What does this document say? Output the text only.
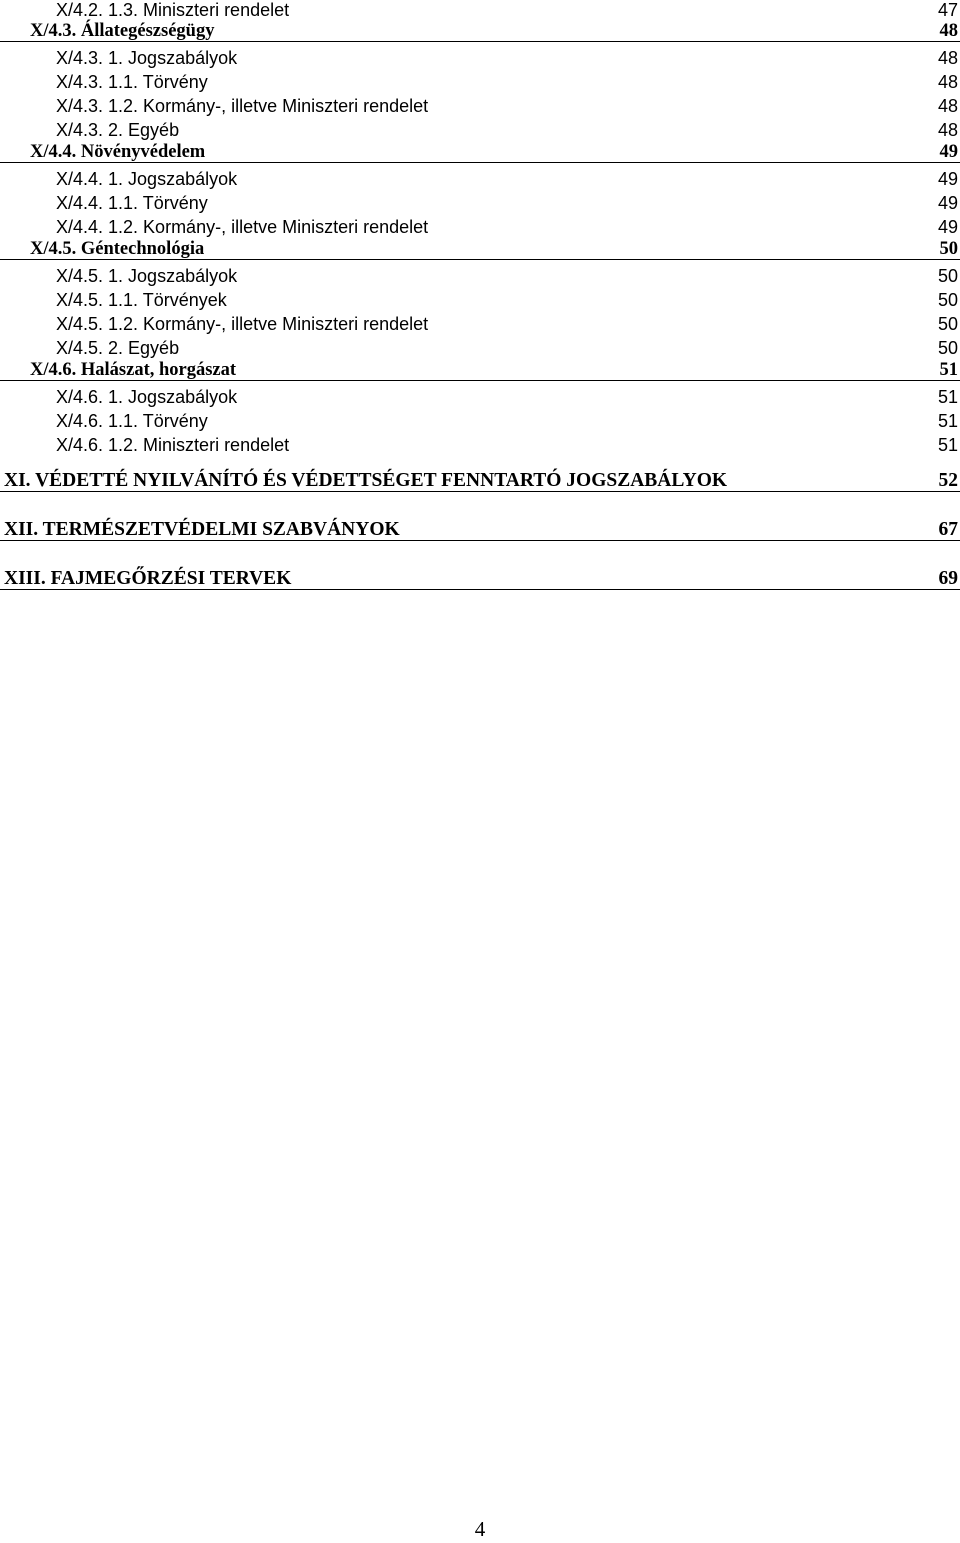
X/4.2. 1.3. Miniszteri rendelet	47
X/4.3. Állategészségügy	48
X/4.3. 1. Jogszabályok	48
X/4.3. 1.1. Törvény	48
X/4.3. 1.2. Kormány-, illetve Miniszteri rendelet	48
X/4.3. 2. Egyéb	48
X/4.4. Növényvédelem	49
X/4.4. 1. Jogszabályok	49
X/4.4. 1.1. Törvény	49
X/4.4. 1.2. Kormány-, illetve Miniszteri rendelet	49
X/4.5. Géntechnológia	50
X/4.5. 1. Jogszabályok	50
X/4.5. 1.1. Törvények	50
X/4.5. 1.2. Kormány-, illetve Miniszteri rendelet	50
X/4.5. 2. Egyéb	50
X/4.6. Halászat, horgászat	51
X/4.6. 1. Jogszabályok	51
X/4.6. 1.1. Törvény	51
X/4.6. 1.2. Miniszteri rendelet	51
XI. VÉDETTÉ NYILVÁNÍTÓ ÉS VÉDETTSÉGET FENNTARTÓ JOGSZABÁLYOK	52
XII. TERMÉSZETVÉDELMI SZABVÁNYOK	67
XIII. FAJMEGŐRZÉSI TERVEK	69
4
